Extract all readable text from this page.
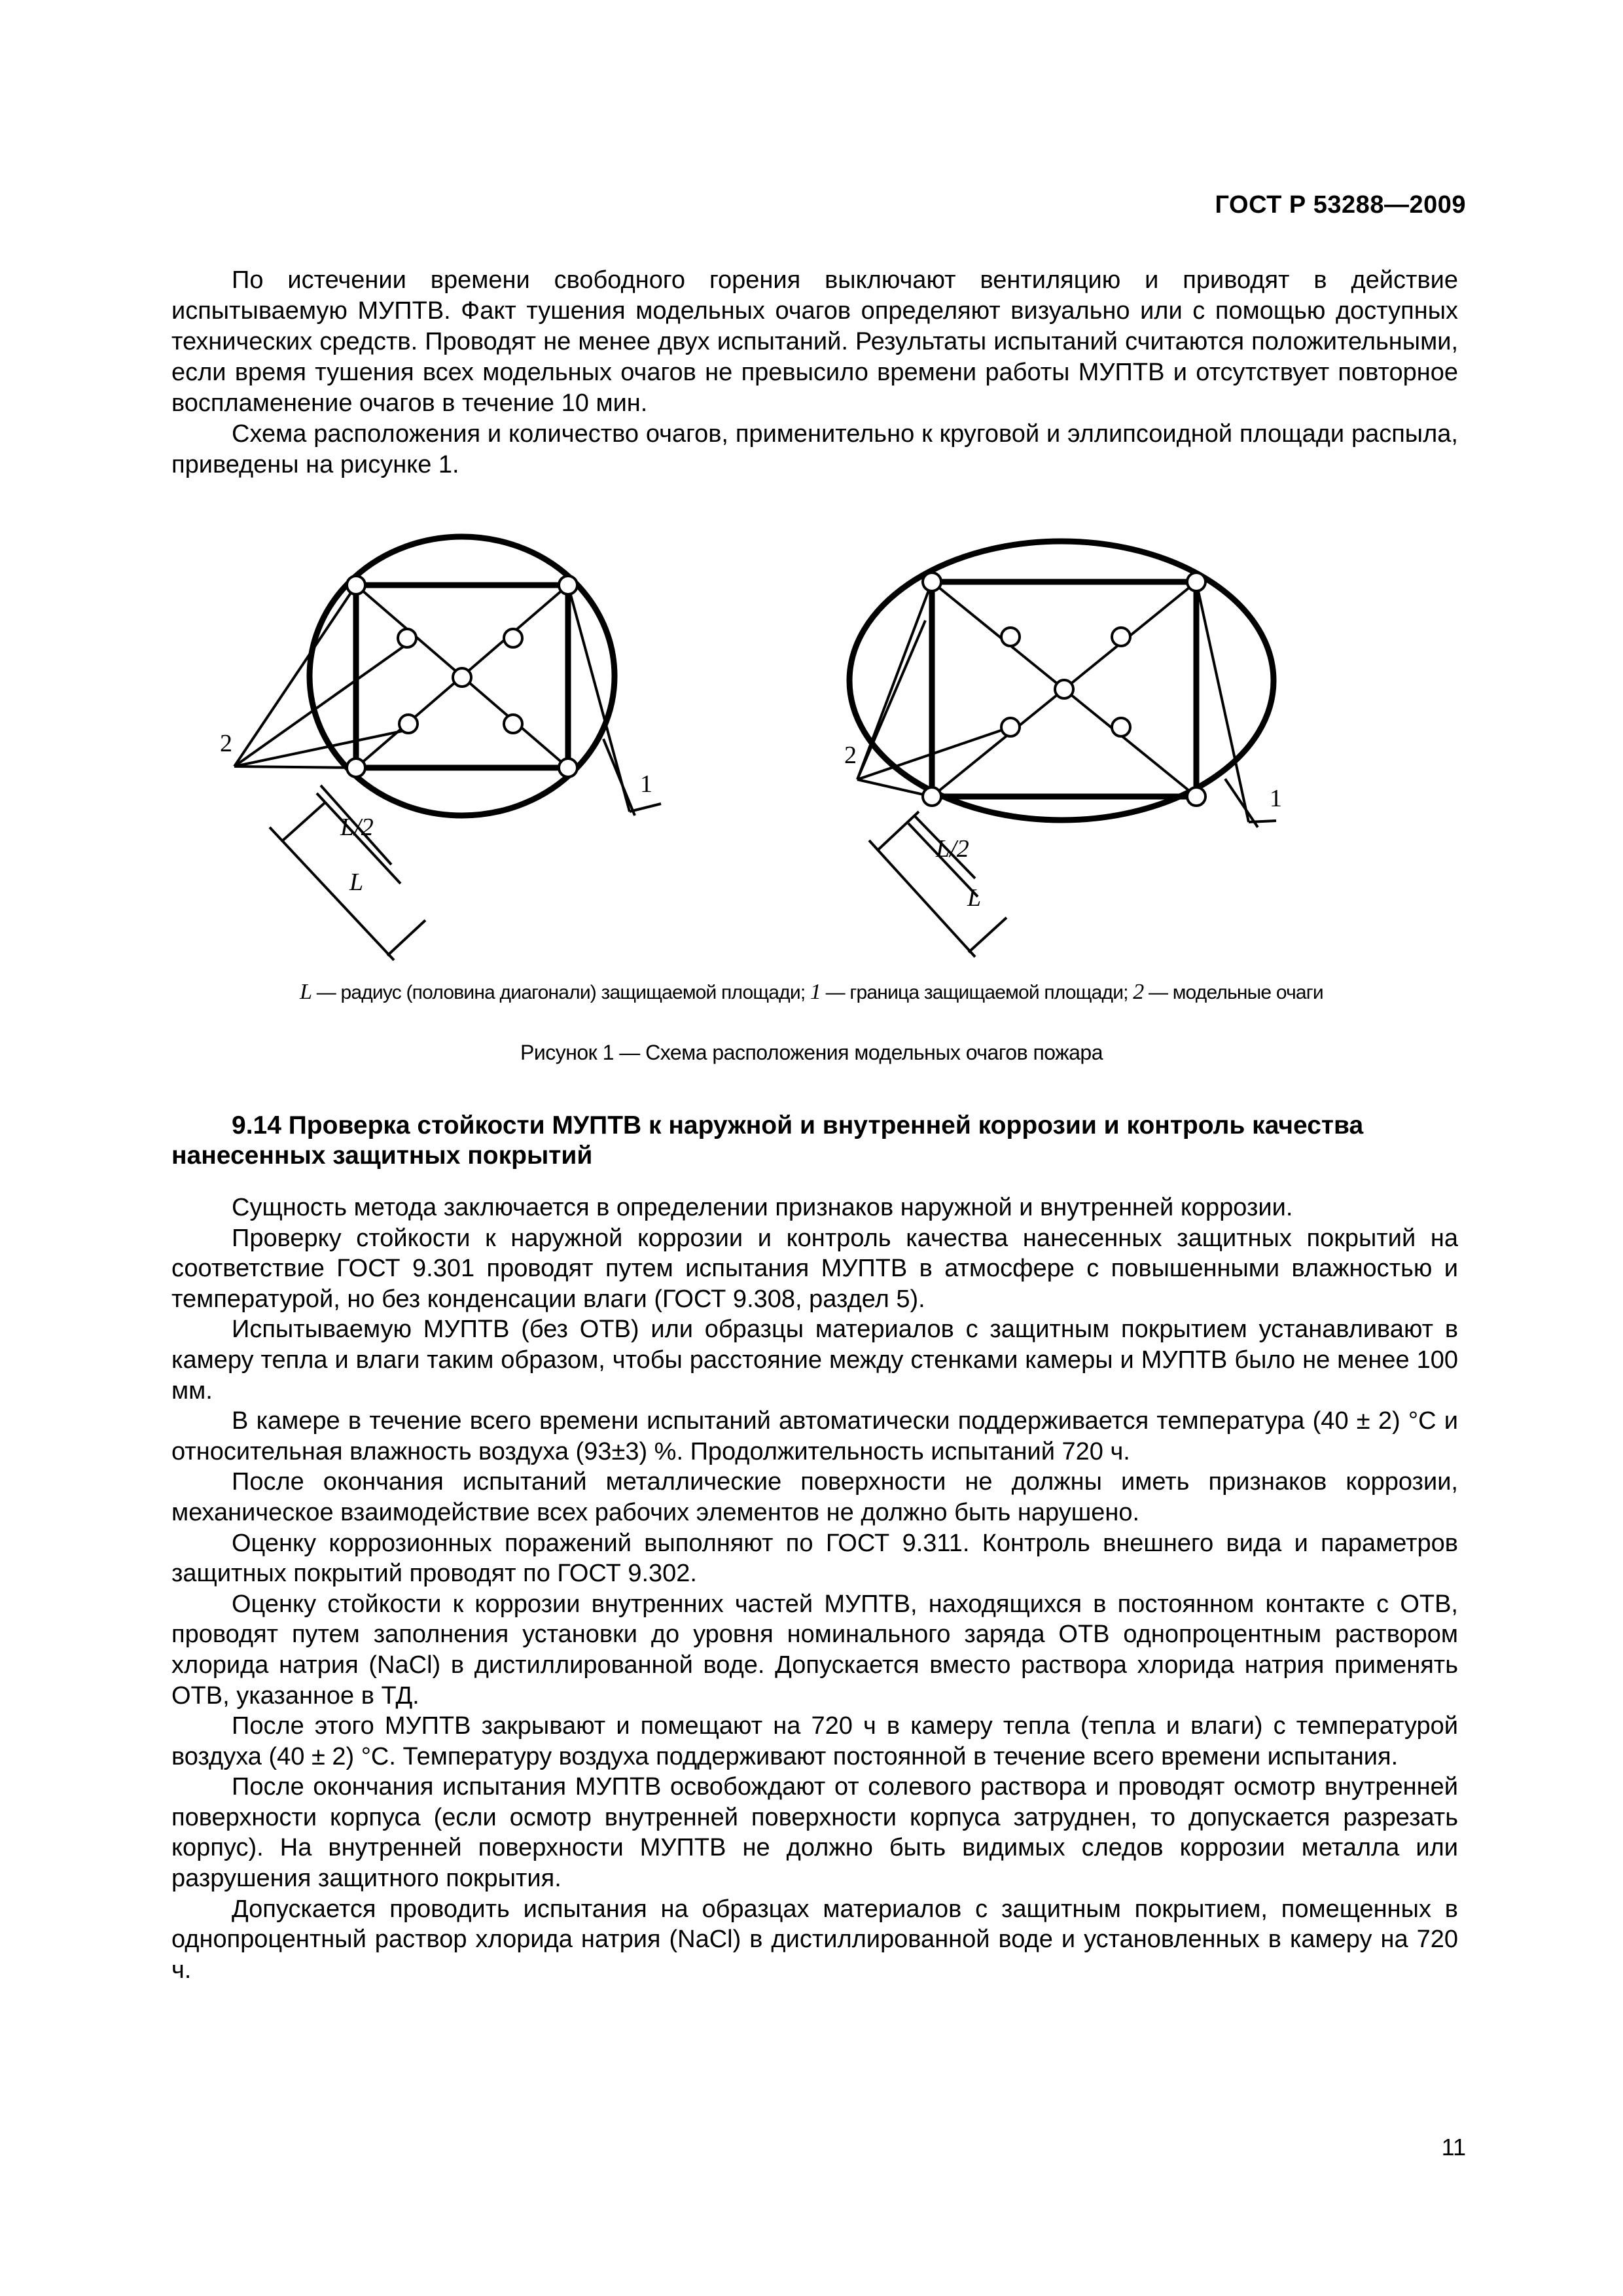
ГОСТ Р 53288—2009

По истечении времени свободного горения выключают вентиляцию и приводят в действие испытываемую МУПТВ. Факт тушения модельных очагов определяют визуально или с помощью доступных технических средств. Проводят не менее двух испытаний. Результаты испытаний считаются положительными, если время тушения всех модельных очагов не превысило времени работы МУПТВ и отсутствует повторное воспламенение очагов в течение 10 мин.

Схема расположения и количество очагов, применительно к круговой и эллипсоидной площади распыла, приведены на рисунке 1.

2
1
L/2
L
2
1
L/2
L
L — радиус (половина диагонали) защищаемой площади; 1 — граница защищаемой площади; 2 — модельные очаги
Рисунок 1 — Схема расположения модельных очагов пожара
9.14 Проверка стойкости МУПТВ к наружной и внутренней коррозии и контроль качества нанесенных защитных покрытий

Сущность метода заключается в определении признаков наружной и внутренней коррозии.

Проверку стойкости к наружной коррозии и контроль качества нанесенных защитных покрытий на соответствие ГОСТ 9.301 проводят путем испытания МУПТВ в атмосфере с повышенными влажностью и температурой, но без конденсации влаги (ГОСТ 9.308, раздел 5).

Испытываемую МУПТВ (без ОТВ) или образцы материалов с защитным покрытием устанавливают в камеру тепла и влаги таким образом, чтобы расстояние между стенками камеры и МУПТВ было не менее 100 мм.

В камере в течение всего времени испытаний автоматически поддерживается температура (40 ± 2) °С и относительная влажность воздуха (93±3) %. Продолжительность испытаний 720 ч.

После окончания испытаний металлические поверхности не должны иметь признаков коррозии, механическое взаимодействие всех рабочих элементов не должно быть нарушено.

Оценку коррозионных поражений выполняют по ГОСТ 9.311. Контроль внешнего вида и параметров защитных покрытий проводят по ГОСТ 9.302.

Оценку стойкости к коррозии внутренних частей МУПТВ, находящихся в постоянном контакте с ОТВ, проводят путем заполнения установки до уровня номинального заряда ОТВ однопроцентным раствором хлорида натрия (NaCl) в дистиллированной воде. Допускается вместо раствора хлорида натрия применять ОТВ, указанное в ТД.

После этого МУПТВ закрывают и помещают на 720 ч в камеру тепла (тепла и влаги) с температурой воздуха (40 ± 2) °С. Температуру воздуха поддерживают постоянной в течение всего времени испытания.

После окончания испытания МУПТВ освобождают от солевого раствора и проводят осмотр внутренней поверхности корпуса (если осмотр внутренней поверхности корпуса затруднен, то допускается разрезать корпус). На внутренней поверхности МУПТВ не должно быть видимых следов коррозии металла или разрушения защитного покрытия.

Допускается проводить испытания на образцах материалов с защитным покрытием, помещенных в однопроцентный раствор хлорида натрия (NaCl) в дистиллированной воде и установленных в камеру на 720 ч.

11
